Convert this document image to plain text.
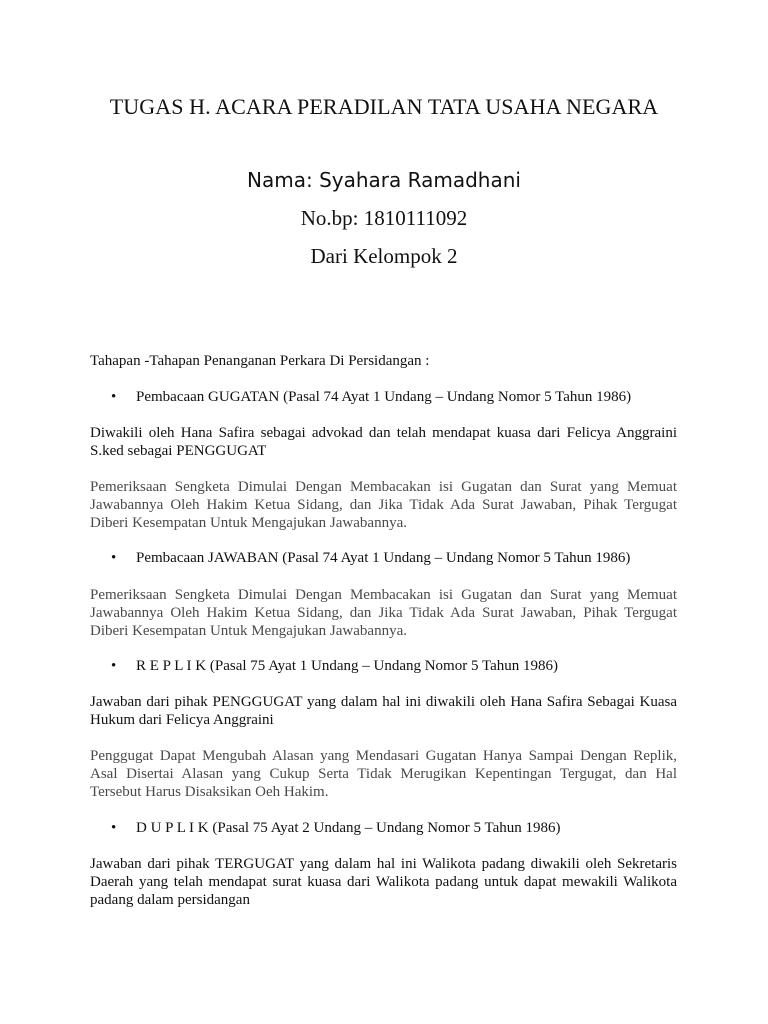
TUGAS H. ACARA PERADILAN TATA USAHA NEGARA
Nama: Syahara Ramadhani
No.bp: 1810111092
Dari Kelompok 2
Tahapan -Tahapan Penanganan Perkara Di Persidangan :
• Pembacaan GUGATAN (Pasal 74 Ayat 1 Undang – Undang Nomor 5 Tahun 1986)
Diwakili oleh Hana Safira sebagai advokad dan telah mendapat kuasa dari Felicya Anggraini S.ked sebagai PENGGUGAT
Pemeriksaan Sengketa Dimulai Dengan Membacakan isi Gugatan dan Surat yang Memuat Jawabannya Oleh Hakim Ketua Sidang, dan Jika Tidak Ada Surat Jawaban, Pihak Tergugat Diberi Kesempatan Untuk Mengajukan Jawabannya.
• Pembacaan JAWABAN (Pasal 74 Ayat 1 Undang – Undang Nomor 5 Tahun 1986)
Pemeriksaan Sengketa Dimulai Dengan Membacakan isi Gugatan dan Surat yang Memuat Jawabannya Oleh Hakim Ketua Sidang, dan Jika Tidak Ada Surat Jawaban, Pihak Tergugat Diberi Kesempatan Untuk Mengajukan Jawabannya.
• R E P L I K (Pasal 75 Ayat 1 Undang – Undang Nomor 5 Tahun 1986)
Jawaban dari pihak PENGGUGAT yang dalam hal ini diwakili oleh Hana Safira Sebagai Kuasa Hukum dari Felicya Anggraini
Penggugat Dapat Mengubah Alasan yang Mendasari Gugatan Hanya Sampai Dengan Replik, Asal Disertai Alasan yang Cukup Serta Tidak Merugikan Kepentingan Tergugat, dan Hal Tersebut Harus Disaksikan Oeh Hakim.
• D U P L I K (Pasal 75 Ayat 2 Undang – Undang Nomor 5 Tahun 1986)
Jawaban dari pihak TERGUGAT yang dalam hal ini Walikota padang diwakili oleh Sekretaris Daerah yang telah mendapat surat kuasa dari Walikota padang untuk dapat mewakili Walikota padang dalam persidangan
